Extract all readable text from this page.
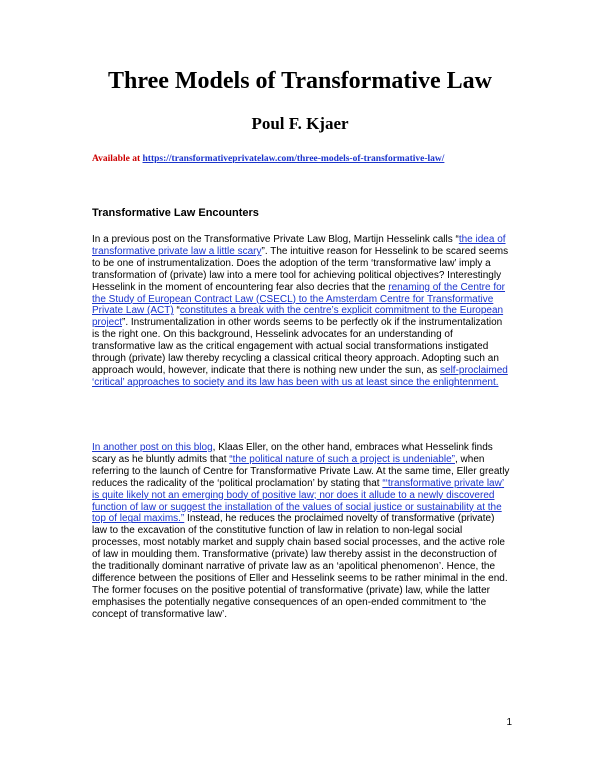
Three Models of Transformative Law
Poul F. Kjaer

Available at https://transformativeprivatelaw.com/three-models-of-transformative-law/

Transformative Law Encounters

In a previous post on the Transformative Private Law Blog, Martijn Hesselink calls “the idea of transformative private law a little scary”. The intuitive reason for Hesselink to be scared seems to be one of instrumentalization. Does the adoption of the term ‘transformative law’ imply a transformation of (private) law into a mere tool for achieving political objectives? Interestingly Hesselink in the moment of encountering fear also decries that the renaming of the Centre for the Study of European Contract Law (CSECL) to the Amsterdam Centre for Transformative Private Law (ACT) “constitutes a break with the centre’s explicit commitment to the European project”. Instrumentalization in other words seems to be perfectly ok if the instrumentalization is the right one. On this background, Hesselink advocates for an understanding of transformative law as the critical engagement with actual social transformations instigated through (private) law thereby recycling a classical critical theory approach. Adopting such an approach would, however, indicate that there is nothing new under the sun, as self-proclaimed ‘critical’ approaches to society and its law has been with us at least since the enlightenment.

In another post on this blog, Klaas Eller, on the other hand, embraces what Hesselink finds scary as he bluntly admits that “the political nature of such a project is undeniable”, when referring to the launch of Centre for Transformative Private Law. At the same time, Eller greatly reduces the radicality of the ‘political proclamation’ by stating that “‘transformative private law’ is quite likely not an emerging body of positive law; nor does it allude to a newly discovered function of law or suggest the installation of the values of social justice or sustainability at the top of legal maxims.” Instead, he reduces the proclaimed novelty of transformative (private) law to the excavation of the constitutive function of law in relation to non-legal social processes, most notably market and supply chain based social processes, and the active role of law in moulding them. Transformative (private) law thereby assist in the deconstruction of the traditionally dominant narrative of private law as an ‘apolitical phenomenon’. Hence, the difference between the positions of Eller and Hesselink seems to be rather minimal in the end. The former focuses on the positive potential of transformative (private) law, while the latter emphasises the potentially negative consequences of an open-ended commitment to ‘the concept of transformative law’.

1
